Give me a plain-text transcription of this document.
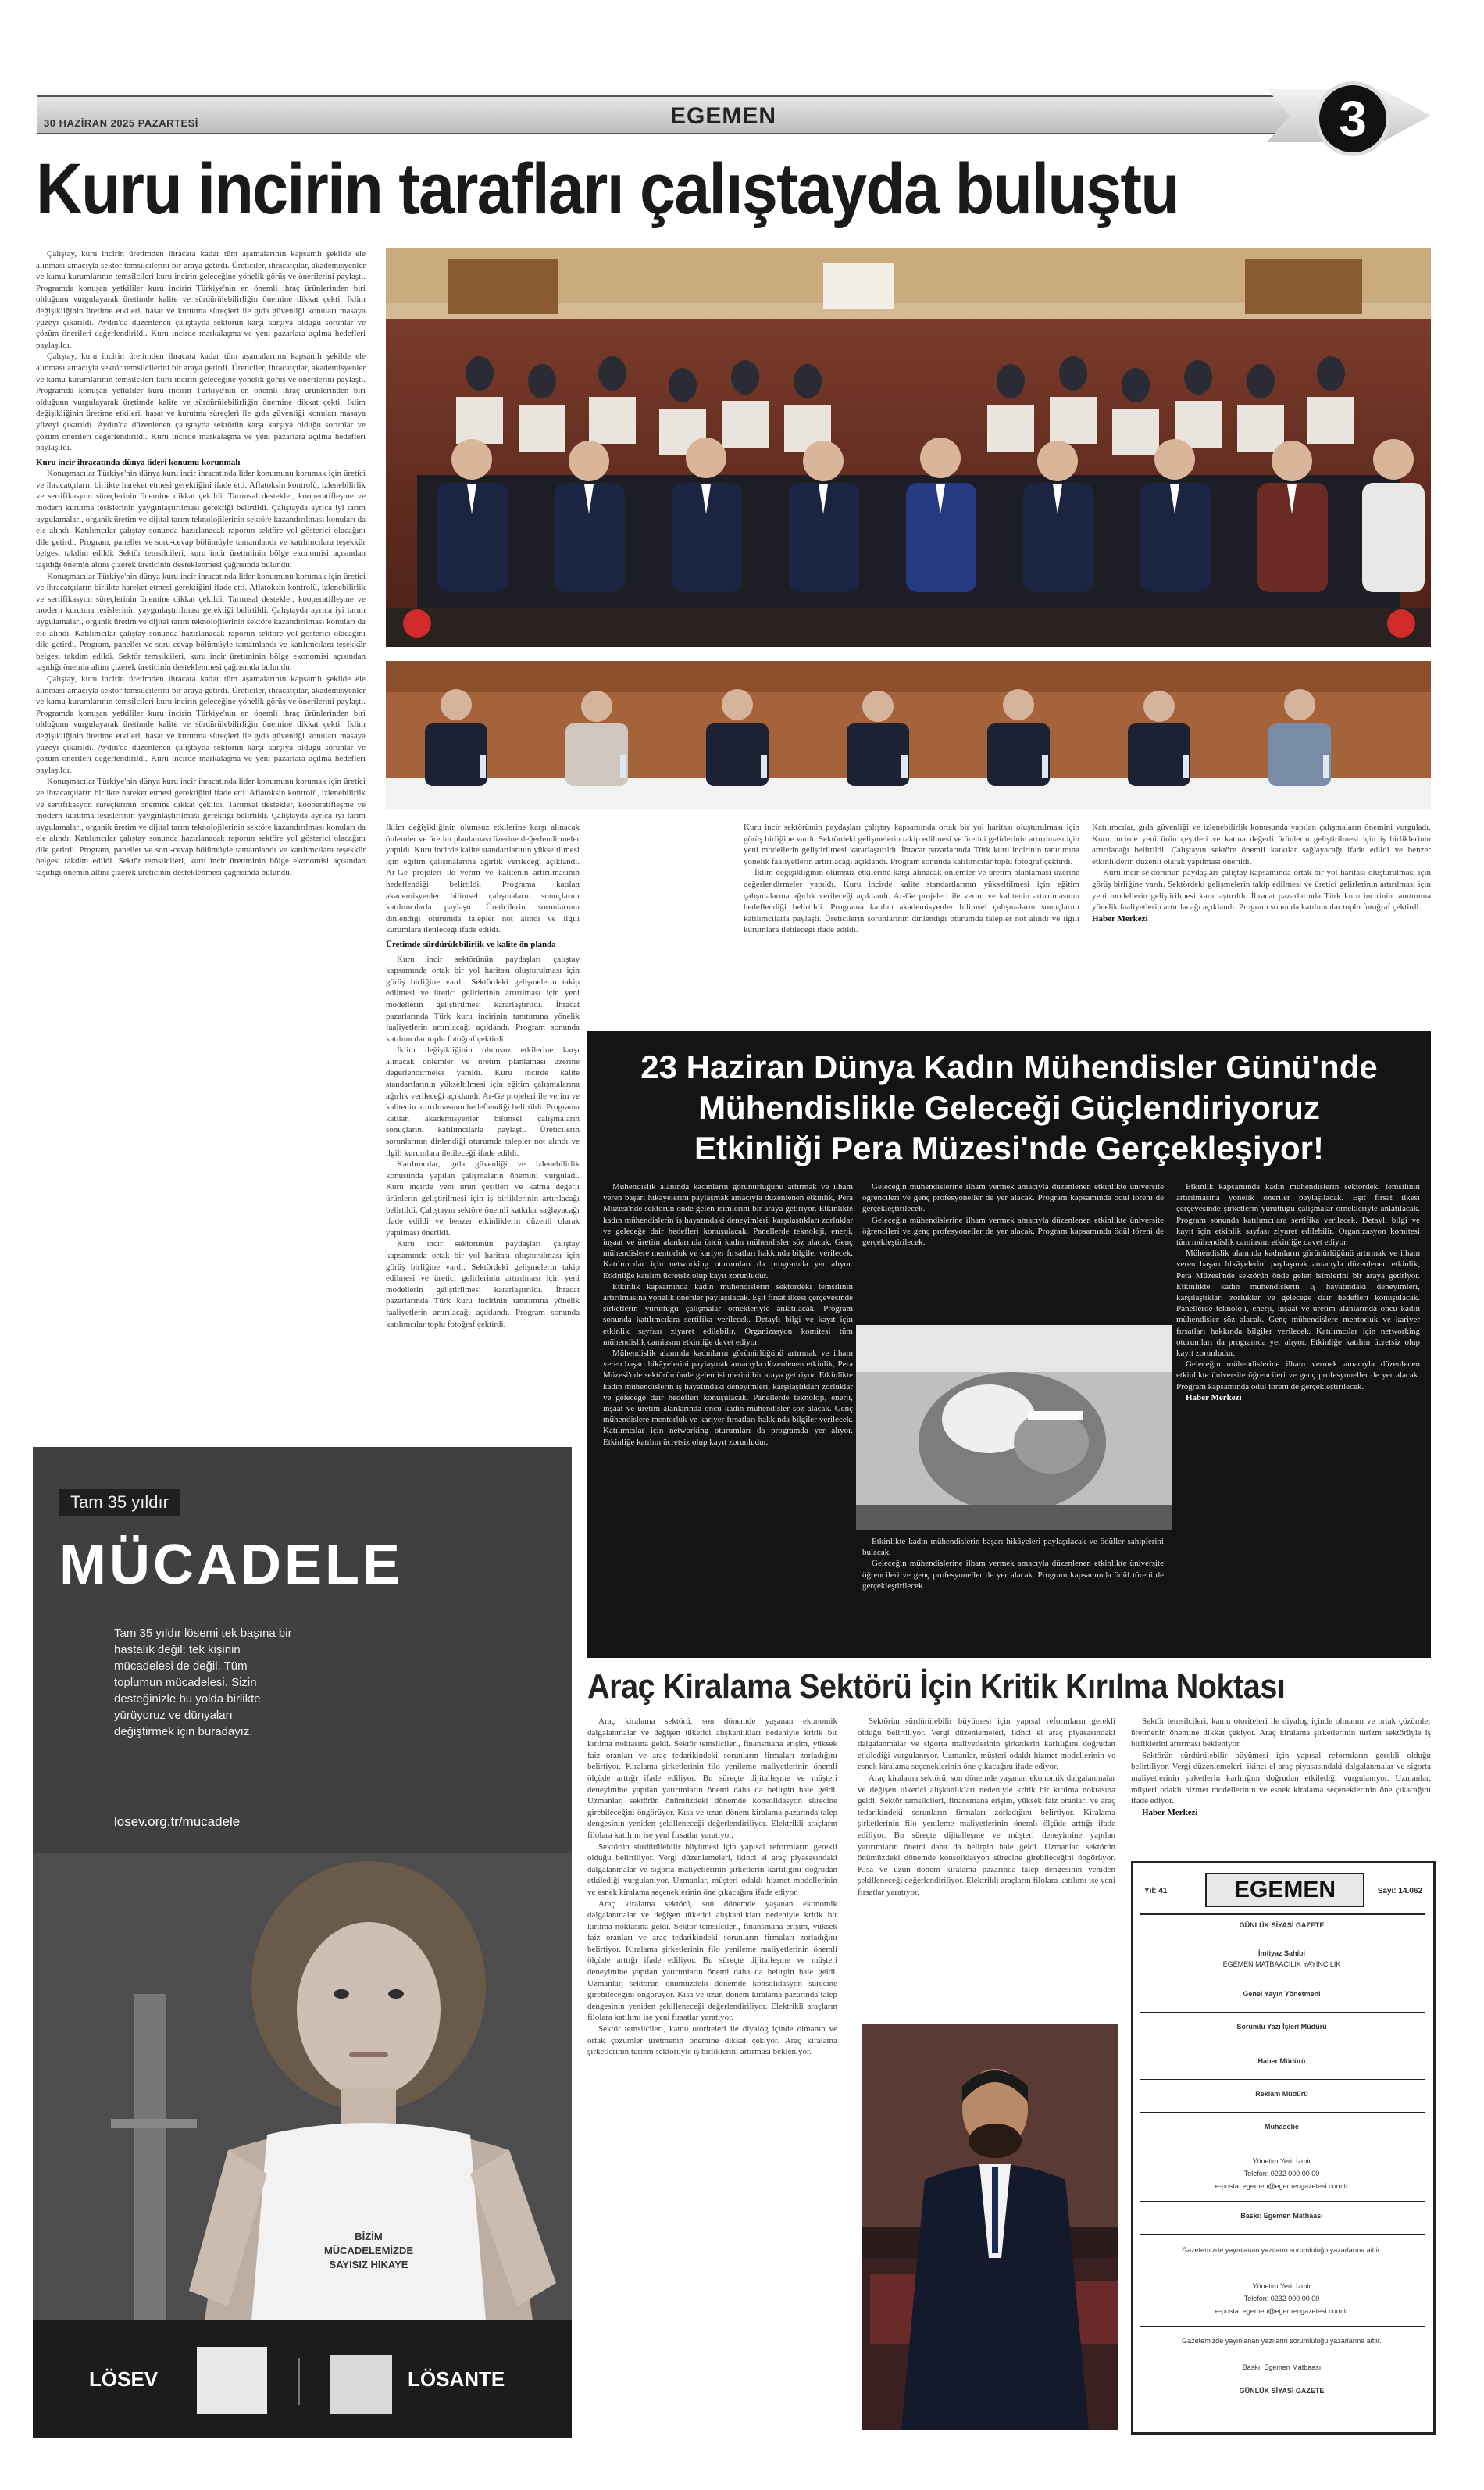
30 HAZİRAN 2025 PAZARTESİ	EGEMEN	3
Kuru incirin tarafları çalıştayda buluştu

Çalıştay, kuru incirin üretimden ihracata kadar tüm aşamalarının kapsamlı şekilde ele alınması amacıyla sektör temsilcilerini bir araya getirdi. Üreticiler, ihracatçılar, akademisyenler ve kamu kurumlarının temsilcileri kuru incirin geleceğine yönelik görüş ve önerilerini paylaştı. Programda konuşan yetkililer kuru incirin Türkiye'nin en önemli ihraç ürünlerinden biri olduğunu vurgulayarak üretimde kalite ve sürdürülebilirliğin önemine dikkat çekti. İklim değişikliğinin üretime etkileri, hasat ve kurutma süreçleri ile gıda güvenliği konuları masaya yüzeyi çıkarıldı. Aydın'da düzenlenen çalıştayda sektörün karşı karşıya olduğu sorunlar ve çözüm önerileri değerlendirildi. Kuru incirde markalaşma ve yeni pazarlara açılma hedefleri paylaşıldı.

Çalıştay, kuru incirin üretimden ihracata kadar tüm aşamalarının kapsamlı şekilde ele alınması amacıyla sektör temsilcilerini bir araya getirdi. Üreticiler, ihracatçılar, akademisyenler ve kamu kurumlarının temsilcileri kuru incirin geleceğine yönelik görüş ve önerilerini paylaştı. Programda konuşan yetkililer kuru incirin Türkiye'nin en önemli ihraç ürünlerinden biri olduğunu vurgulayarak üretimde kalite ve sürdürülebilirliğin önemine dikkat çekti. İklim değişikliğinin üretime etkileri, hasat ve kurutma süreçleri ile gıda güvenliği konuları masaya yüzeyi çıkarıldı. Aydın'da düzenlenen çalıştayda sektörün karşı karşıya olduğu sorunlar ve çözüm önerileri değerlendirildi. Kuru incirde markalaşma ve yeni pazarlara açılma hedefleri paylaşıldı.

Kuru incir ihracatında dünya lideri konumu korunmalı

Konuşmacılar Türkiye'nin dünya kuru incir ihracatında lider konumunu korumak için üretici ve ihracatçıların birlikte hareket etmesi gerektiğini ifade etti. Aflatoksin kontrolü, izlenebilirlik ve sertifikasyon süreçlerinin önemine dikkat çekildi. Tarımsal destekler, kooperatifleşme ve modern kurutma tesislerinin yaygınlaştırılması gerektiği belirtildi. Çalıştayda ayrıca iyi tarım uygulamaları, organik üretim ve dijital tarım teknolojilerinin sektöre kazandırılması konuları da ele alındı. Katılımcılar çalıştay sonunda hazırlanacak raporun sektöre yol gösterici olacağını dile getirdi. Program, paneller ve soru-cevap bölümüyle tamamlandı ve katılımcılara teşekkür belgesi takdim edildi. Sektör temsilcileri, kuru incir üretiminin bölge ekonomisi açısından taşıdığı önemin altını çizerek üreticinin desteklenmesi çağrısında bulundu.

Konuşmacılar Türkiye'nin dünya kuru incir ihracatında lider konumunu korumak için üretici ve ihracatçıların birlikte hareket etmesi gerektiğini ifade etti. Aflatoksin kontrolü, izlenebilirlik ve sertifikasyon süreçlerinin önemine dikkat çekildi. Tarımsal destekler, kooperatifleşme ve modern kurutma tesislerinin yaygınlaştırılması gerektiği belirtildi. Çalıştayda ayrıca iyi tarım uygulamaları, organik üretim ve dijital tarım teknolojilerinin sektöre kazandırılması konuları da ele alındı. Katılımcılar çalıştay sonunda hazırlanacak raporun sektöre yol gösterici olacağını dile getirdi. Program, paneller ve soru-cevap bölümüyle tamamlandı ve katılımcılara teşekkür belgesi takdim edildi. Sektör temsilcileri, kuru incir üretiminin bölge ekonomisi açısından taşıdığı önemin altını çizerek üreticinin desteklenmesi çağrısında bulundu.

Çalıştay, kuru incirin üretimden ihracata kadar tüm aşamalarının kapsamlı şekilde ele alınması amacıyla sektör temsilcilerini bir araya getirdi. Üreticiler, ihracatçılar, akademisyenler ve kamu kurumlarının temsilcileri kuru incirin geleceğine yönelik görüş ve önerilerini paylaştı. Programda konuşan yetkililer kuru incirin Türkiye'nin en önemli ihraç ürünlerinden biri olduğunu vurgulayarak üretimde kalite ve sürdürülebilirliğin önemine dikkat çekti. İklim değişikliğinin üretime etkileri, hasat ve kurutma süreçleri ile gıda güvenliği konuları masaya yüzeyi çıkarıldı. Aydın'da düzenlenen çalıştayda sektörün karşı karşıya olduğu sorunlar ve çözüm önerileri değerlendirildi. Kuru incirde markalaşma ve yeni pazarlara açılma hedefleri paylaşıldı.

Konuşmacılar Türkiye'nin dünya kuru incir ihracatında lider konumunu korumak için üretici ve ihracatçıların birlikte hareket etmesi gerektiğini ifade etti. Aflatoksin kontrolü, izlenebilirlik ve sertifikasyon süreçlerinin önemine dikkat çekildi. Tarımsal destekler, kooperatifleşme ve modern kurutma tesislerinin yaygınlaştırılması gerektiği belirtildi. Çalıştayda ayrıca iyi tarım uygulamaları, organik üretim ve dijital tarım teknolojilerinin sektöre kazandırılması konuları da ele alındı. Katılımcılar çalıştay sonunda hazırlanacak raporun sektöre yol gösterici olacağını dile getirdi. Program, paneller ve soru-cevap bölümüyle tamamlandı ve katılımcılara teşekkür belgesi takdim edildi. Sektör temsilcileri, kuru incir üretiminin bölge ekonomisi açısından taşıdığı önemin altını çizerek üreticinin desteklenmesi çağrısında bulundu.

İklim değişikliğinin olumsuz etkilerine karşı alınacak önlemler ve üretim planlaması üzerine değerlendirmeler yapıldı. Kuru incirde kalite standartlarının yükseltilmesi için eğitim çalışmalarına ağırlık verileceği açıklandı. Ar-Ge projeleri ile verim ve kalitenin artırılmasının hedeflendiği belirtildi. Programa katılan akademisyenler bilimsel çalışmaların sonuçlarını katılımcılarla paylaştı. Üreticilerin sorunlarının dinlendiği oturumda talepler not alındı ve ilgili kurumlara iletileceği ifade edildi.

Üretimde sürdürülebilirlik ve kalite ön planda

Kuru incir sektörünün paydaşları çalıştay kapsamında ortak bir yol haritası oluşturulması için görüş birliğine vardı. Sektördeki gelişmelerin takip edilmesi ve üretici gelirlerinin artırılması için yeni modellerin geliştirilmesi kararlaştırıldı. İhracat pazarlarında Türk kuru incirinin tanıtımına yönelik faaliyetlerin artırılacağı açıklandı. Program sonunda katılımcılar toplu fotoğraf çektirdi.

İklim değişikliğinin olumsuz etkilerine karşı alınacak önlemler ve üretim planlaması üzerine değerlendirmeler yapıldı. Kuru incirde kalite standartlarının yükseltilmesi için eğitim çalışmalarına ağırlık verileceği açıklandı. Ar-Ge projeleri ile verim ve kalitenin artırılmasının hedeflendiği belirtildi. Programa katılan akademisyenler bilimsel çalışmaların sonuçlarını katılımcılarla paylaştı. Üreticilerin sorunlarının dinlendiği oturumda talepler not alındı ve ilgili kurumlara iletileceği ifade edildi.

Katılımcılar, gıda güvenliği ve izlenebilirlik konusunda yapılan çalışmaların önemini vurguladı. Kuru incirde yeni ürün çeşitleri ve katma değerli ürünlerin geliştirilmesi için iş birliklerinin artırılacağı belirtildi. Çalıştayın sektöre önemli katkılar sağlayacağı ifade edildi ve benzer etkinliklerin düzenli olarak yapılması önerildi.

Kuru incir sektörünün paydaşları çalıştay kapsamında ortak bir yol haritası oluşturulması için görüş birliğine vardı. Sektördeki gelişmelerin takip edilmesi ve üretici gelirlerinin artırılması için yeni modellerin geliştirilmesi kararlaştırıldı. İhracat pazarlarında Türk kuru incirinin tanıtımına yönelik faaliyetlerin artırılacağı açıklandı. Program sonunda katılımcılar toplu fotoğraf çektirdi.

Kuru incir sektörünün paydaşları çalıştay kapsamında ortak bir yol haritası oluşturulması için görüş birliğine vardı. Sektördeki gelişmelerin takip edilmesi ve üretici gelirlerinin artırılması için yeni modellerin geliştirilmesi kararlaştırıldı. İhracat pazarlarında Türk kuru incirinin tanıtımına yönelik faaliyetlerin artırılacağı açıklandı. Program sonunda katılımcılar toplu fotoğraf çektirdi.

İklim değişikliğinin olumsuz etkilerine karşı alınacak önlemler ve üretim planlaması üzerine değerlendirmeler yapıldı. Kuru incirde kalite standartlarının yükseltilmesi için eğitim çalışmalarına ağırlık verileceği açıklandı. Ar-Ge projeleri ile verim ve kalitenin artırılmasının hedeflendiği belirtildi. Programa katılan akademisyenler bilimsel çalışmaların sonuçlarını katılımcılarla paylaştı. Üreticilerin sorunlarının dinlendiği oturumda talepler not alındı ve ilgili kurumlara iletileceği ifade edildi.

Katılımcılar, gıda güvenliği ve izlenebilirlik konusunda yapılan çalışmaların önemini vurguladı. Kuru incirde yeni ürün çeşitleri ve katma değerli ürünlerin geliştirilmesi için iş birliklerinin artırılacağı belirtildi. Çalıştayın sektöre önemli katkılar sağlayacağı ifade edildi ve benzer etkinliklerin düzenli olarak yapılması önerildi.

Kuru incir sektörünün paydaşları çalıştay kapsamında ortak bir yol haritası oluşturulması için görüş birliğine vardı. Sektördeki gelişmelerin takip edilmesi ve üretici gelirlerinin artırılması için yeni modellerin geliştirilmesi kararlaştırıldı. İhracat pazarlarında Türk kuru incirinin tanıtımına yönelik faaliyetlerin artırılacağı açıklandı. Program sonunda katılımcılar toplu fotoğraf çektirdi.

Haber Merkezi

23 Haziran Dünya Kadın Mühendisler Günü'nde
Mühendislikle Geleceği Güçlendiriyoruz
Etkinliği Pera Müzesi'nde Gerçekleşiyor!

Mühendislik alanında kadınların görünürlüğünü artırmak ve ilham veren başarı hikâyelerini paylaşmak amacıyla düzenlenen etkinlik, Pera Müzesi'nde sektörün önde gelen isimlerini bir araya getiriyor. Etkinlikte kadın mühendislerin iş hayatındaki deneyimleri, karşılaştıkları zorluklar ve geleceğe dair hedefleri konuşulacak. Panellerde teknoloji, enerji, inşaat ve üretim alanlarında öncü kadın mühendisler söz alacak. Genç mühendislere mentorluk ve kariyer fırsatları hakkında bilgiler verilecek. Katılımcılar için networking oturumları da programda yer alıyor. Etkinliğe katılım ücretsiz olup kayıt zorunludur.

Etkinlik kapsamında kadın mühendislerin sektördeki temsilinin artırılmasına yönelik öneriler paylaşılacak. Eşit fırsat ilkesi çerçevesinde şirketlerin yürüttüğü çalışmalar örnekleriyle anlatılacak. Program sonunda katılımcılara sertifika verilecek. Detaylı bilgi ve kayıt için etkinlik sayfası ziyaret edilebilir. Organizasyon komitesi tüm mühendislik camiasını etkinliğe davet ediyor.

Mühendislik alanında kadınların görünürlüğünü artırmak ve ilham veren başarı hikâyelerini paylaşmak amacıyla düzenlenen etkinlik, Pera Müzesi'nde sektörün önde gelen isimlerini bir araya getiriyor. Etkinlikte kadın mühendislerin iş hayatındaki deneyimleri, karşılaştıkları zorluklar ve geleceğe dair hedefleri konuşulacak. Panellerde teknoloji, enerji, inşaat ve üretim alanlarında öncü kadın mühendisler söz alacak. Genç mühendislere mentorluk ve kariyer fırsatları hakkında bilgiler verilecek. Katılımcılar için networking oturumları da programda yer alıyor. Etkinliğe katılım ücretsiz olup kayıt zorunludur.

Geleceğin mühendislerine ilham vermek amacıyla düzenlenen etkinlikte üniversite öğrencileri ve genç profesyoneller de yer alacak. Program kapsamında ödül töreni de gerçekleştirilecek.

Geleceğin mühendislerine ilham vermek amacıyla düzenlenen etkinlikte üniversite öğrencileri ve genç profesyoneller de yer alacak. Program kapsamında ödül töreni de gerçekleştirilecek.

Etkinlikte kadın mühendislerin başarı hikâyeleri paylaşılacak ve ödüller sahiplerini bulacak.

Geleceğin mühendislerine ilham vermek amacıyla düzenlenen etkinlikte üniversite öğrencileri ve genç profesyoneller de yer alacak. Program kapsamında ödül töreni de gerçekleştirilecek.

Etkinlik kapsamında kadın mühendislerin sektördeki temsilinin artırılmasına yönelik öneriler paylaşılacak. Eşit fırsat ilkesi çerçevesinde şirketlerin yürüttüğü çalışmalar örnekleriyle anlatılacak. Program sonunda katılımcılara sertifika verilecek. Detaylı bilgi ve kayıt için etkinlik sayfası ziyaret edilebilir. Organizasyon komitesi tüm mühendislik camiasını etkinliğe davet ediyor.

Mühendislik alanında kadınların görünürlüğünü artırmak ve ilham veren başarı hikâyelerini paylaşmak amacıyla düzenlenen etkinlik, Pera Müzesi'nde sektörün önde gelen isimlerini bir araya getiriyor. Etkinlikte kadın mühendislerin iş hayatındaki deneyimleri, karşılaştıkları zorluklar ve geleceğe dair hedefleri konuşulacak. Panellerde teknoloji, enerji, inşaat ve üretim alanlarında öncü kadın mühendisler söz alacak. Genç mühendislere mentorluk ve kariyer fırsatları hakkında bilgiler verilecek. Katılımcılar için networking oturumları da programda yer alıyor. Etkinliğe katılım ücretsiz olup kayıt zorunludur.

Geleceğin mühendislerine ilham vermek amacıyla düzenlenen etkinlikte üniversite öğrencileri ve genç profesyoneller de yer alacak. Program kapsamında ödül töreni de gerçekleştirilecek.

Haber Merkezi

Tam 35 yıldır
MÜCADELE
Tam 35 yıldır lösemi tek başına bir hastalık değil; tek kişinin mücadelesi de değil. Tüm toplumun mücadelesi. Sizin desteğinizle bu yolda birlikte yürüyoruz ve dünyaları değiştirmek için buradayız.
losev.org.tr/mucadele
BİZİM MÜCADELEMİZDE SAYISIZ HİKAYE
LÖSEV	LÖSANTE
Araç Kiralama Sektörü İçin Kritik Kırılma Noktası

Araç kiralama sektörü, son dönemde yaşanan ekonomik dalgalanmalar ve değişen tüketici alışkanlıkları nedeniyle kritik bir kırılma noktasına geldi. Sektör temsilcileri, finansmana erişim, yüksek faiz oranları ve araç tedarikindeki sorunların firmaları zorladığını belirtiyor. Kiralama şirketlerinin filo yenileme maliyetlerinin önemli ölçüde arttığı ifade ediliyor. Bu süreçte dijitalleşme ve müşteri deneyimine yapılan yatırımların önemi daha da belirgin hale geldi. Uzmanlar, sektörün önümüzdeki dönemde konsolidasyon sürecine girebileceğini öngörüyor. Kısa ve uzun dönem kiralama pazarında talep dengesinin yeniden şekilleneceği değerlendiriliyor. Elektrikli araçların filolara katılımı ise yeni fırsatlar yaratıyor.

Sektörün sürdürülebilir büyümesi için yapısal reformların gerekli olduğu belirtiliyor. Vergi düzenlemeleri, ikinci el araç piyasasındaki dalgalanmalar ve sigorta maliyetlerinin şirketlerin karlılığını doğrudan etkilediği vurgulanıyor. Uzmanlar, müşteri odaklı hizmet modellerinin ve esnek kiralama seçeneklerinin öne çıkacağını ifade ediyor.

Araç kiralama sektörü, son dönemde yaşanan ekonomik dalgalanmalar ve değişen tüketici alışkanlıkları nedeniyle kritik bir kırılma noktasına geldi. Sektör temsilcileri, finansmana erişim, yüksek faiz oranları ve araç tedarikindeki sorunların firmaları zorladığını belirtiyor. Kiralama şirketlerinin filo yenileme maliyetlerinin önemli ölçüde arttığı ifade ediliyor. Bu süreçte dijitalleşme ve müşteri deneyimine yapılan yatırımların önemi daha da belirgin hale geldi. Uzmanlar, sektörün önümüzdeki dönemde konsolidasyon sürecine girebileceğini öngörüyor. Kısa ve uzun dönem kiralama pazarında talep dengesinin yeniden şekilleneceği değerlendiriliyor. Elektrikli araçların filolara katılımı ise yeni fırsatlar yaratıyor.

Sektör temsilcileri, kamu otoriteleri ile diyalog içinde olmanın ve ortak çözümler üretmenin önemine dikkat çekiyor. Araç kiralama şirketlerinin turizm sektörüyle iş birliklerini artırması bekleniyor.

Sektörün sürdürülebilir büyümesi için yapısal reformların gerekli olduğu belirtiliyor. Vergi düzenlemeleri, ikinci el araç piyasasındaki dalgalanmalar ve sigorta maliyetlerinin şirketlerin karlılığını doğrudan etkilediği vurgulanıyor. Uzmanlar, müşteri odaklı hizmet modellerinin ve esnek kiralama seçeneklerinin öne çıkacağını ifade ediyor.

Araç kiralama sektörü, son dönemde yaşanan ekonomik dalgalanmalar ve değişen tüketici alışkanlıkları nedeniyle kritik bir kırılma noktasına geldi. Sektör temsilcileri, finansmana erişim, yüksek faiz oranları ve araç tedarikindeki sorunların firmaları zorladığını belirtiyor. Kiralama şirketlerinin filo yenileme maliyetlerinin önemli ölçüde arttığı ifade ediliyor. Bu süreçte dijitalleşme ve müşteri deneyimine yapılan yatırımların önemi daha da belirgin hale geldi. Uzmanlar, sektörün önümüzdeki dönemde konsolidasyon sürecine girebileceğini öngörüyor. Kısa ve uzun dönem kiralama pazarında talep dengesinin yeniden şekilleneceği değerlendiriliyor. Elektrikli araçların filolara katılımı ise yeni fırsatlar yaratıyor.

Sektör temsilcileri, kamu otoriteleri ile diyalog içinde olmanın ve ortak çözümler üretmenin önemine dikkat çekiyor. Araç kiralama şirketlerinin turizm sektörüyle iş birliklerini artırması bekleniyor.

Sektörün sürdürülebilir büyümesi için yapısal reformların gerekli olduğu belirtiliyor. Vergi düzenlemeleri, ikinci el araç piyasasındaki dalgalanmalar ve sigorta maliyetlerinin şirketlerin karlılığını doğrudan etkilediği vurgulanıyor. Uzmanlar, müşteri odaklı hizmet modellerinin ve esnek kiralama seçeneklerinin öne çıkacağını ifade ediyor.

Haber Merkezi

Yıl: 41	EGEMEN	Sayı: 14.062
GÜNLÜK SİYASİ GAZETE
İmtiyaz Sahibi
EGEMEN MATBAACILIK YAYINCILIK
Genel Yayın Yönetmeni
Sorumlu Yazı İşleri Müdürü
Haber Müdürü
Reklam Müdürü
Muhasebe
Yönetim Yeri: İzmir
Telefon: 0232 000 00 00
e-posta: egemen@egemengazetesi.com.tr
Baskı: Egemen Matbaası
Gazetemizde yayınlanan yazıların sorumluluğu yazarlarına aittir.
Yönetim Yeri: İzmir
Telefon: 0232 000 00 00
e-posta: egemen@egemengazetesi.com.tr
Gazetemizde yayınlanan yazıların sorumluluğu yazarlarına aittir.
Baskı: Egemen Matbaası
GÜNLÜK SİYASİ GAZETE
